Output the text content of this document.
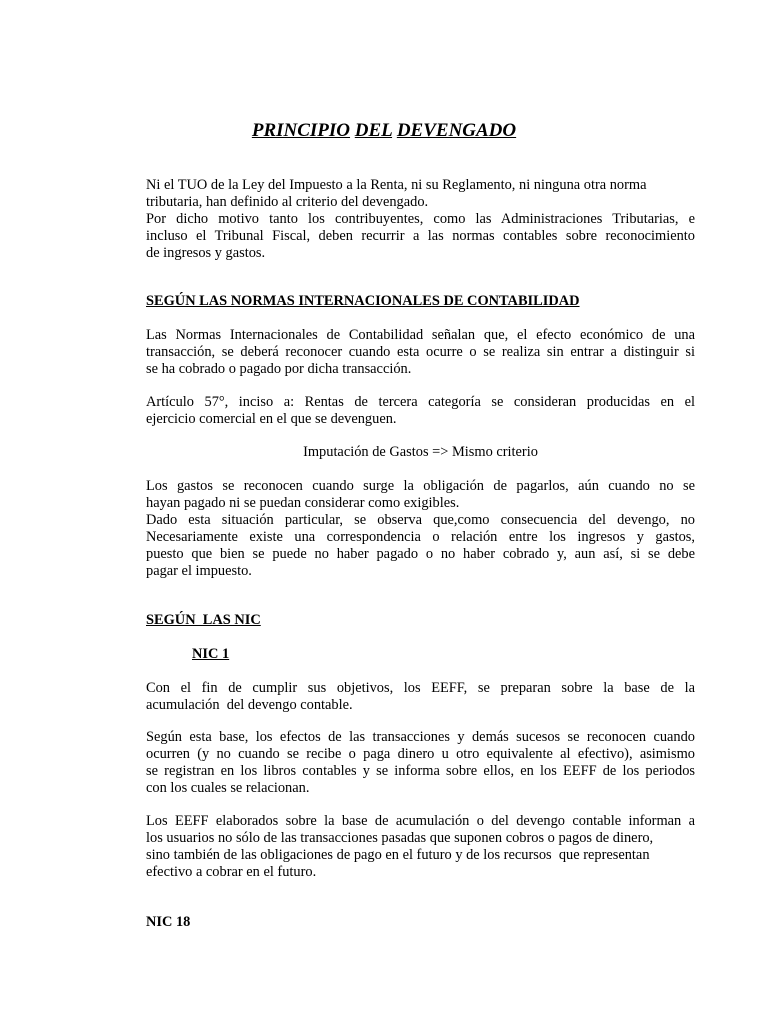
PRINCIPIO DEL DEVENGADO
Ni el TUO de la Ley del Impuesto a la Renta, ni su Reglamento, ni ninguna otra norma
tributaria, han definido al criterio del devengado.
Por dicho motivo tanto los contribuyentes, como las Administraciones Tributarias, e
incluso el Tribunal Fiscal, deben recurrir a las normas contables sobre reconocimiento
de ingresos y gastos.
SEGÚN LAS NORMAS INTERNACIONALES DE CONTABILIDAD
Las Normas Internacionales de Contabilidad señalan que, el efecto económico de una
transacción, se deberá reconocer cuando esta ocurre o se realiza sin entrar a distinguir si
se ha cobrado o pagado por dicha transacción.
Artículo 57°, inciso a: Rentas de tercera categoría se consideran producidas en el
ejercicio comercial en el que se devenguen.
Imputación de Gastos => Mismo criterio
Los gastos se reconocen cuando surge la obligación de pagarlos, aún cuando no se
hayan pagado ni se puedan considerar como exigibles.
Dado esta situación particular, se observa que,como consecuencia del devengo, no
Necesariamente existe una correspondencia o relación entre los ingresos y gastos,
puesto que bien se puede no haber pagado o no haber cobrado y, aun así, si se debe
pagar el impuesto.
SEGÚN  LAS NIC
NIC 1
Con el fin de cumplir sus objetivos, los EEFF, se preparan sobre la base de la
acumulación  del devengo contable.
Según esta base, los efectos de las transacciones y demás sucesos se reconocen cuando
ocurren (y no cuando se recibe o paga dinero u otro equivalente al efectivo), asimismo
se registran en los libros contables y se informa sobre ellos, en los EEFF de los periodos
con los cuales se relacionan.
Los EEFF elaborados sobre la base de acumulación o del devengo contable informan a
los usuarios no sólo de las transacciones pasadas que suponen cobros o pagos de dinero,
sino también de las obligaciones de pago en el futuro y de los recursos  que representan
efectivo a cobrar en el futuro.
NIC 18
